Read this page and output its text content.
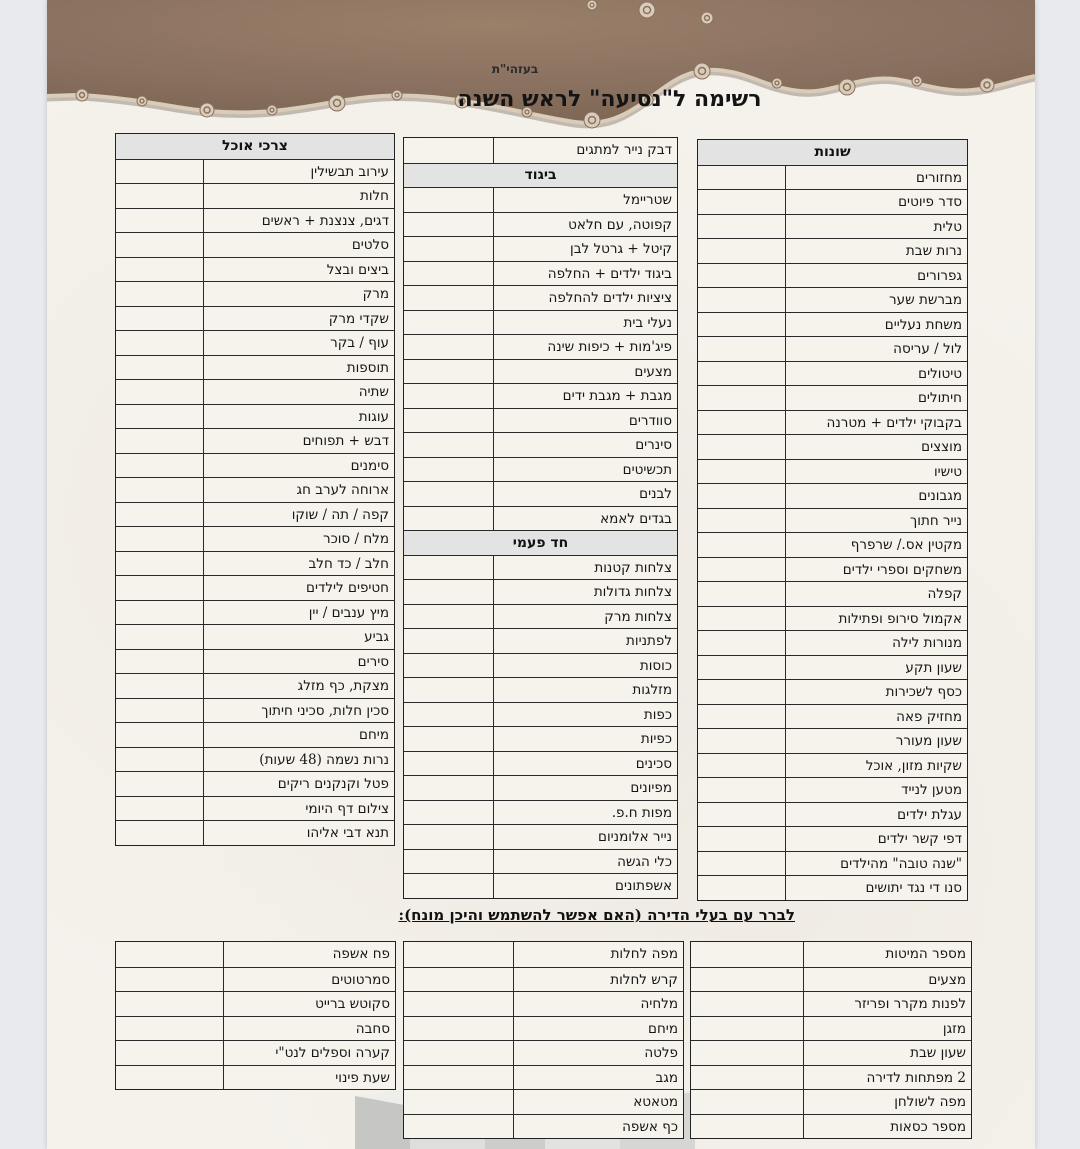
בעזהי"ת
רשימה ל"נסיעה" לראש השנה
צרכי אוכל
עירוב תבשילין
חלות
דגים, צנצנת + ראשים
סלטים
ביצים ובצל
מרק
שקדי מרק
עוף / בקר
תוספות
שתיה
עוגות
דבש + תפוחים
סימנים
ארוחה לערב חג
קפה / תה / שוקו
מלח / סוכר
חלב / כד חלב
חטיפים לילדים
מיץ ענבים / יין
גביע
סירים
מצקת, כף מזלג
סכין חלות, סכיני חיתוך
מיחם
נרות נשמה (48 שעות)
פטל וקנקנים ריקים
צילום דף היומי
תנא דבי אליהו
דבק נייר למתגים
ביגוד
שטריימל
קפוטה, עם חלאט
קיטל + גרטל לבן
ביגוד ילדים + החלפה
ציציות ילדים להחלפה
נעלי בית
פיג'מות + כיפות שינה
מצעים
מגבת + מגבת ידים
סוודרים
סינרים
תכשיטים
לבנים
בגדים לאמא
חד פעמי
צלחות קטנות
צלחות גדולות
צלחות מרק
לפתניות
כוסות
מזלגות
כפות
כפיות
סכינים
מפיונים
מפות ח.פ.
נייר אלומניום
כלי הגשה
אשפתונים
שונות
מחזורים
סדר פיוטים
טלית
נרות שבת
גפרורים
מברשת שער
משחת נעליים
לול / עריסה
טיטולים
חיתולים
בקבוקי ילדים + מטרנה
מוצצים
טישיו
מגבונים
נייר חתוך
מקטין אס./ שרפרף
משחקים וספרי ילדים
קפלה
אקמול סירופ ופתילות
מנורות לילה
שעון תקע
כסף לשכירות
מחזיק פאה
שעון מעורר
שקיות מזון, אוכל
מטען לנייד
עגלת ילדים
דפי קשר ילדים
"שנה טובה" מהילדים
סנו די נגד יתושים
לברר עם בעלי הדירה (האם אפשר להשתמש והיכן מונח):
פח אשפה
סמרטוטים
סקוטש ברייט
סחבה
קערה וספלים לנט"י
שעת פינוי
מפה לחלות
קרש לחלות
מלחיה
מיחם
פלטה
מגב
מטאטא
כף אשפה
מספר המיטות
מצעים
לפנות מקרר ופריזר
מזגן
שעון שבת
2 מפתחות לדירה
מפה לשולחן
מספר כסאות
